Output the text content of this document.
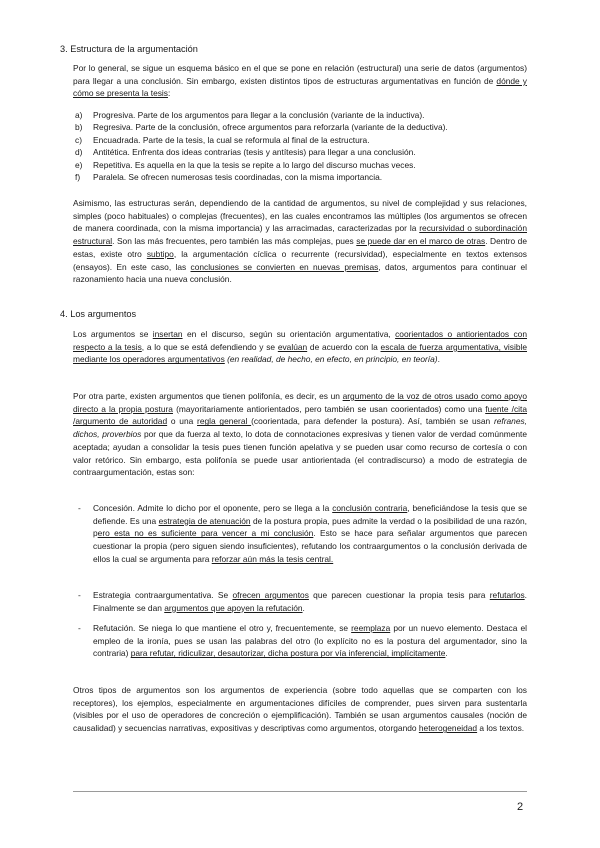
3. Estructura de la argumentación
Por lo general, se sigue un esquema básico en el que se pone en relación (estructural) una serie de datos (argumentos) para llegar a una conclusión. Sin embargo, existen distintos tipos de estructuras argumentativas en función de dónde y cómo se presenta la tesis:
a) Progresiva. Parte de los argumentos para llegar a la conclusión (variante de la inductiva).
b) Regresiva. Parte de la conclusión, ofrece argumentos para reforzarla (variante de la deductiva).
c) Encuadrada. Parte de la tesis, la cual se reformula al final de la estructura.
d) Antitética. Enfrenta dos ideas contrarias (tesis y antítesis) para llegar a una conclusión.
e) Repetitiva. Es aquella en la que la tesis se repite a lo largo del discurso muchas veces.
f) Paralela. Se ofrecen numerosas tesis coordinadas, con la misma importancia.
Asimismo, las estructuras serán, dependiendo de la cantidad de argumentos, su nivel de complejidad y sus relaciones, simples (poco habituales) o complejas (frecuentes), en las cuales encontramos las múltiples (los argumentos se ofrecen de manera coordinada, con la misma importancia) y las arracimadas, caracterizadas por la recursividad o subordinación estructural. Son las más frecuentes, pero también las más complejas, pues se puede dar en el marco de otras. Dentro de estas, existe otro subtipo, la argumentación cíclica o recurrente (recursividad), especialmente en textos extensos (ensayos). En este caso, las conclusiones se convierten en nuevas premisas, datos, argumentos para continuar el razonamiento hacia una nueva conclusión.
4. Los argumentos
Los argumentos se insertan en el discurso, según su orientación argumentativa, coorientados o antiorientados con respecto a la tesis, a lo que se está defendiendo y se evalúan de acuerdo con la escala de fuerza argumentativa, visible mediante los operadores argumentativos (en realidad, de hecho, en efecto, en principio, en teoría).
Por otra parte, existen argumentos que tienen polifonía, es decir, es un argumento de la voz de otros usado como apoyo directo a la propia postura (mayoritariamente antiorientados, pero también se usan coorientados) como una fuente /cita /argumento de autoridad o una regla general (coorientada, para defender la postura). Así, también se usan refranes, dichos, proverbios por que da fuerza al texto, lo dota de connotaciones expresivas y tienen valor de verdad comúnmente aceptada; ayudan a consolidar la tesis pues tienen función apelativa y se pueden usar como recurso de cortesía o con valor retórico. Sin embargo, esta polifonía se puede usar antiorientada (el contradiscurso) a modo de estrategia de contraargumentación, estas son:
- Concesión. Admite lo dicho por el oponente, pero se llega a la conclusión contraria, beneficiándose la tesis que se defiende. Es una estrategia de atenuación de la postura propia, pues admite la verdad o la posibilidad de una razón, pero esta no es suficiente para vencer a mi conclusión. Esto se hace para señalar argumentos que parecen cuestionar la propia (pero siguen siendo insuficientes), refutando los contraargumentos o la conclusión derivada de ellos la cual se argumenta para reforzar aún más la tesis central.
- Estrategia contraargumentativa. Se ofrecen argumentos que parecen cuestionar la propia tesis para refutarlos. Finalmente se dan argumentos que apoyen la refutación.
- Refutación. Se niega lo que mantiene el otro y, frecuentemente, se reemplaza por un nuevo elemento. Destaca el empleo de la ironía, pues se usan las palabras del otro (lo explícito no es la postura del argumentador, sino la contraria) para refutar, ridiculizar, desautorizar, dicha postura por vía inferencial, implícitamente.
Otros tipos de argumentos son los argumentos de experiencia (sobre todo aquellas que se comparten con los receptores), los ejemplos, especialmente en argumentaciones difíciles de comprender, pues sirven para sustentarla (visibles por el uso de operadores de concreción o ejemplificación). También se usan argumentos causales (noción de causalidad) y secuencias narrativas, expositivas y descriptivas como argumentos, otorgando heterogeneidad a los textos.
2
